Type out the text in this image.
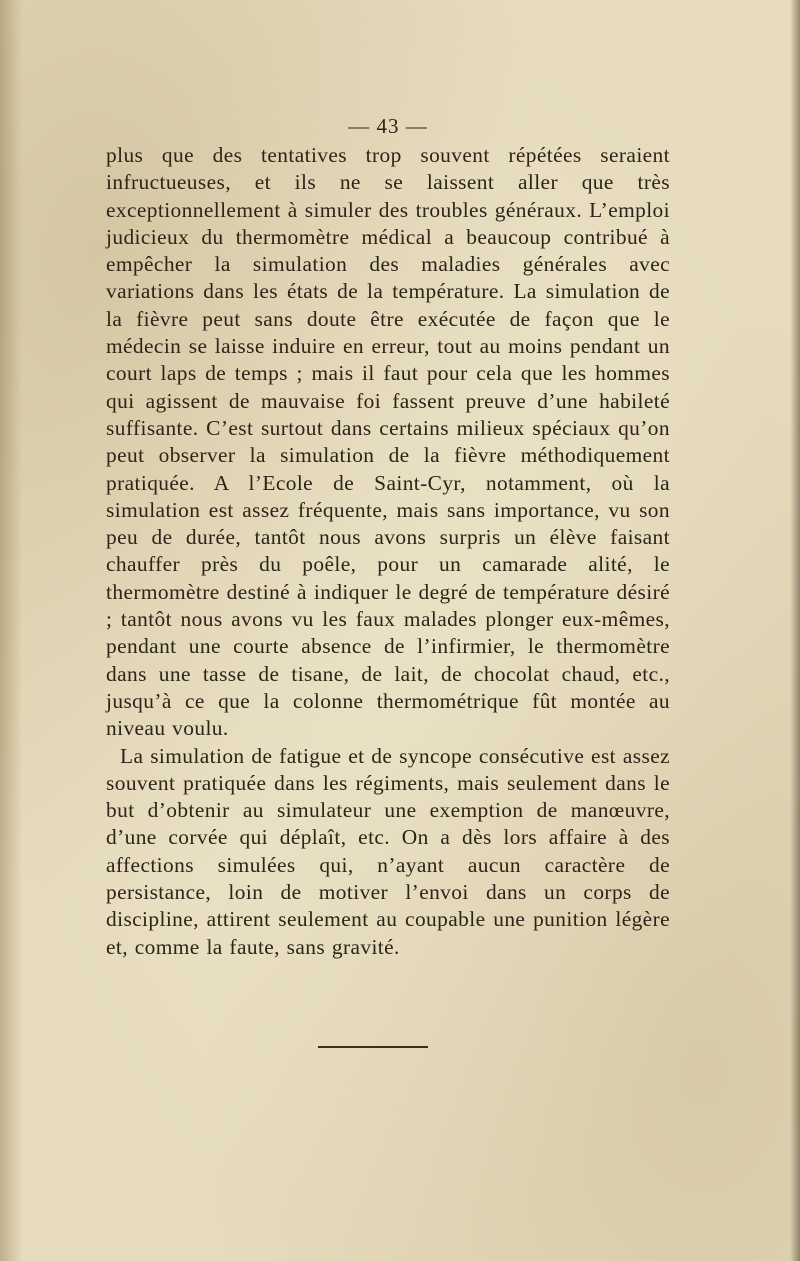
— 43 —

plus que des tentatives trop souvent répétées seraient infructueuses, et ils ne se laissent aller que très exceptionnellement à simuler des troubles généraux. L’emploi judicieux du thermomètre médical a beaucoup contribué à empêcher la simulation des maladies générales avec variations dans les états de la température. La simulation de la fièvre peut sans doute être exécutée de façon que le médecin se laisse induire en erreur, tout au moins pendant un court laps de temps ; mais il faut pour cela que les hommes qui agissent de mauvaise foi fassent preuve d’une habileté suffisante. C’est surtout dans certains milieux spéciaux qu’on peut observer la simulation de la fièvre méthodiquement pratiquée. A l’Ecole de Saint-Cyr, notamment, où la simulation est assez fréquente, mais sans importance, vu son peu de durée, tantôt nous avons surpris un élève faisant chauffer près du poêle, pour un camarade alité, le thermomètre destiné à indiquer le degré de température désiré ; tantôt nous avons vu les faux malades plonger eux-mêmes, pendant une courte absence de l’infirmier, le thermomètre dans une tasse de tisane, de lait, de chocolat chaud, etc., jusqu’à ce que la colonne thermométrique fût montée au niveau voulu.

La simulation de fatigue et de syncope consécutive est assez souvent pratiquée dans les régiments, mais seulement dans le but d’obtenir au simulateur une exemption de manœuvre, d’une corvée qui déplaît, etc. On a dès lors affaire à des affections simulées qui, n’ayant aucun caractère de persistance, loin de motiver l’envoi dans un corps de discipline, attirent seulement au coupable une punition légère et, comme la faute, sans gravité.
